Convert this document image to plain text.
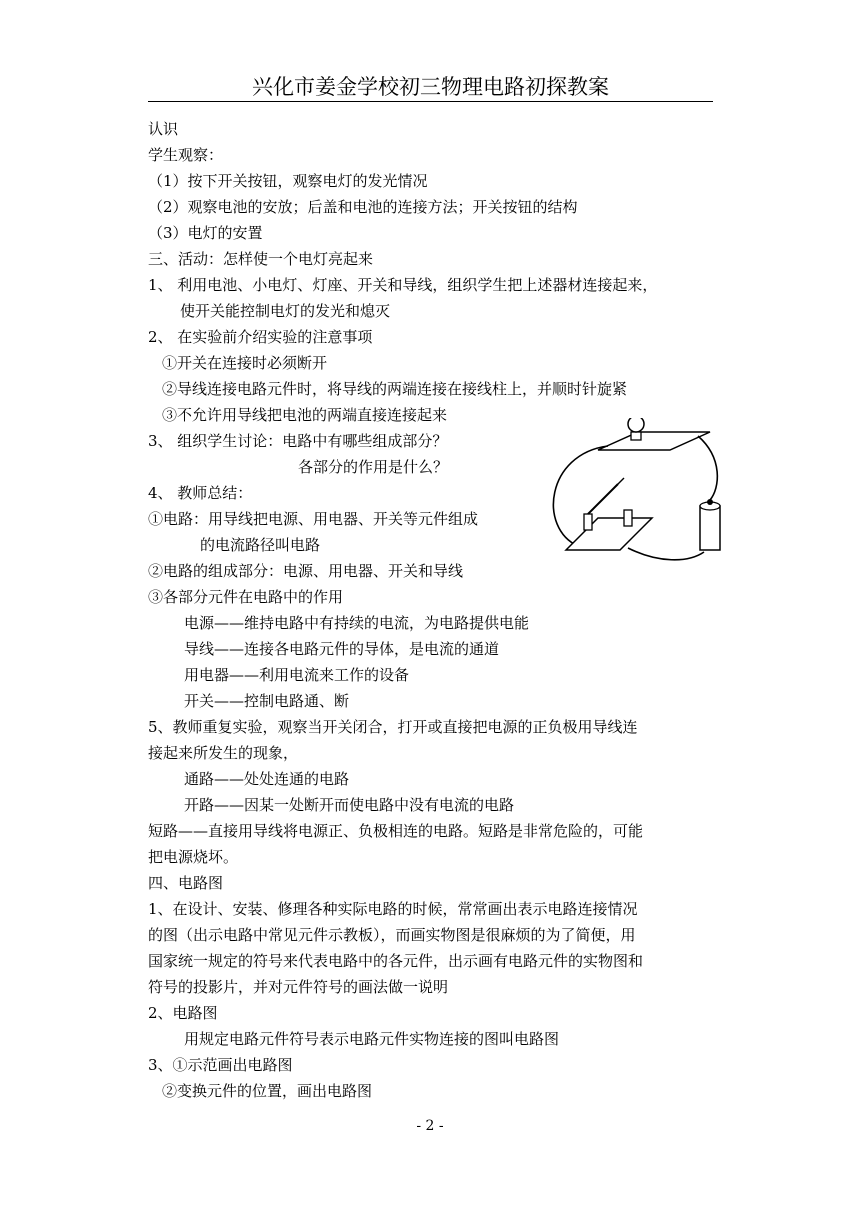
兴化市姜金学校初三物理电路初探教案
认识
学生观察：
（1）按下开关按钮，观察电灯的发光情况
（2）观察电池的安放；后盖和电池的连接方法；开关按钮的结构
（3）电灯的安置
三、活动：怎样使一个电灯亮起来
1、 利用电池、小电灯、灯座、开关和导线，组织学生把上述器材连接起来，
使开关能控制电灯的发光和熄灭
2、 在实验前介绍实验的注意事项
①开关在连接时必须断开
②导线连接电路元件时，将导线的两端连接在接线柱上，并顺时针旋紧
③不允许用导线把电池的两端直接连接起来
3、 组织学生讨论：电路中有哪些组成部分？
各部分的作用是什么？
4、 教师总结：
①电路：用导线把电源、用电器、开关等元件组成
的电流路径叫电路
②电路的组成部分：电源、用电器、开关和导线
③各部分元件在电路中的作用
电源——维持电路中有持续的电流，为电路提供电能
导线——连接各电路元件的导体，是电流的通道
用电器——利用电流来工作的设备
开关——控制电路通、断
5、教师重复实验，观察当开关闭合，打开或直接把电源的正负极用导线连
接起来所发生的现象，
通路——处处连通的电路
开路——因某一处断开而使电路中没有电流的电路
短路——直接用导线将电源正、负极相连的电路。短路是非常危险的，可能
把电源烧坏。
四、电路图
1、在设计、安装、修理各种实际电路的时候，常常画出表示电路连接情况
的图（出示电路中常见元件示教板），而画实物图是很麻烦的为了简便，用
国家统一规定的符号来代表电路中的各元件，出示画有电路元件的实物图和
符号的投影片，并对元件符号的画法做一说明
2、电路图
用规定电路元件符号表示电路元件实物连接的图叫电路图
3、①示范画出电路图
②变换元件的位置，画出电路图
- 2 -
